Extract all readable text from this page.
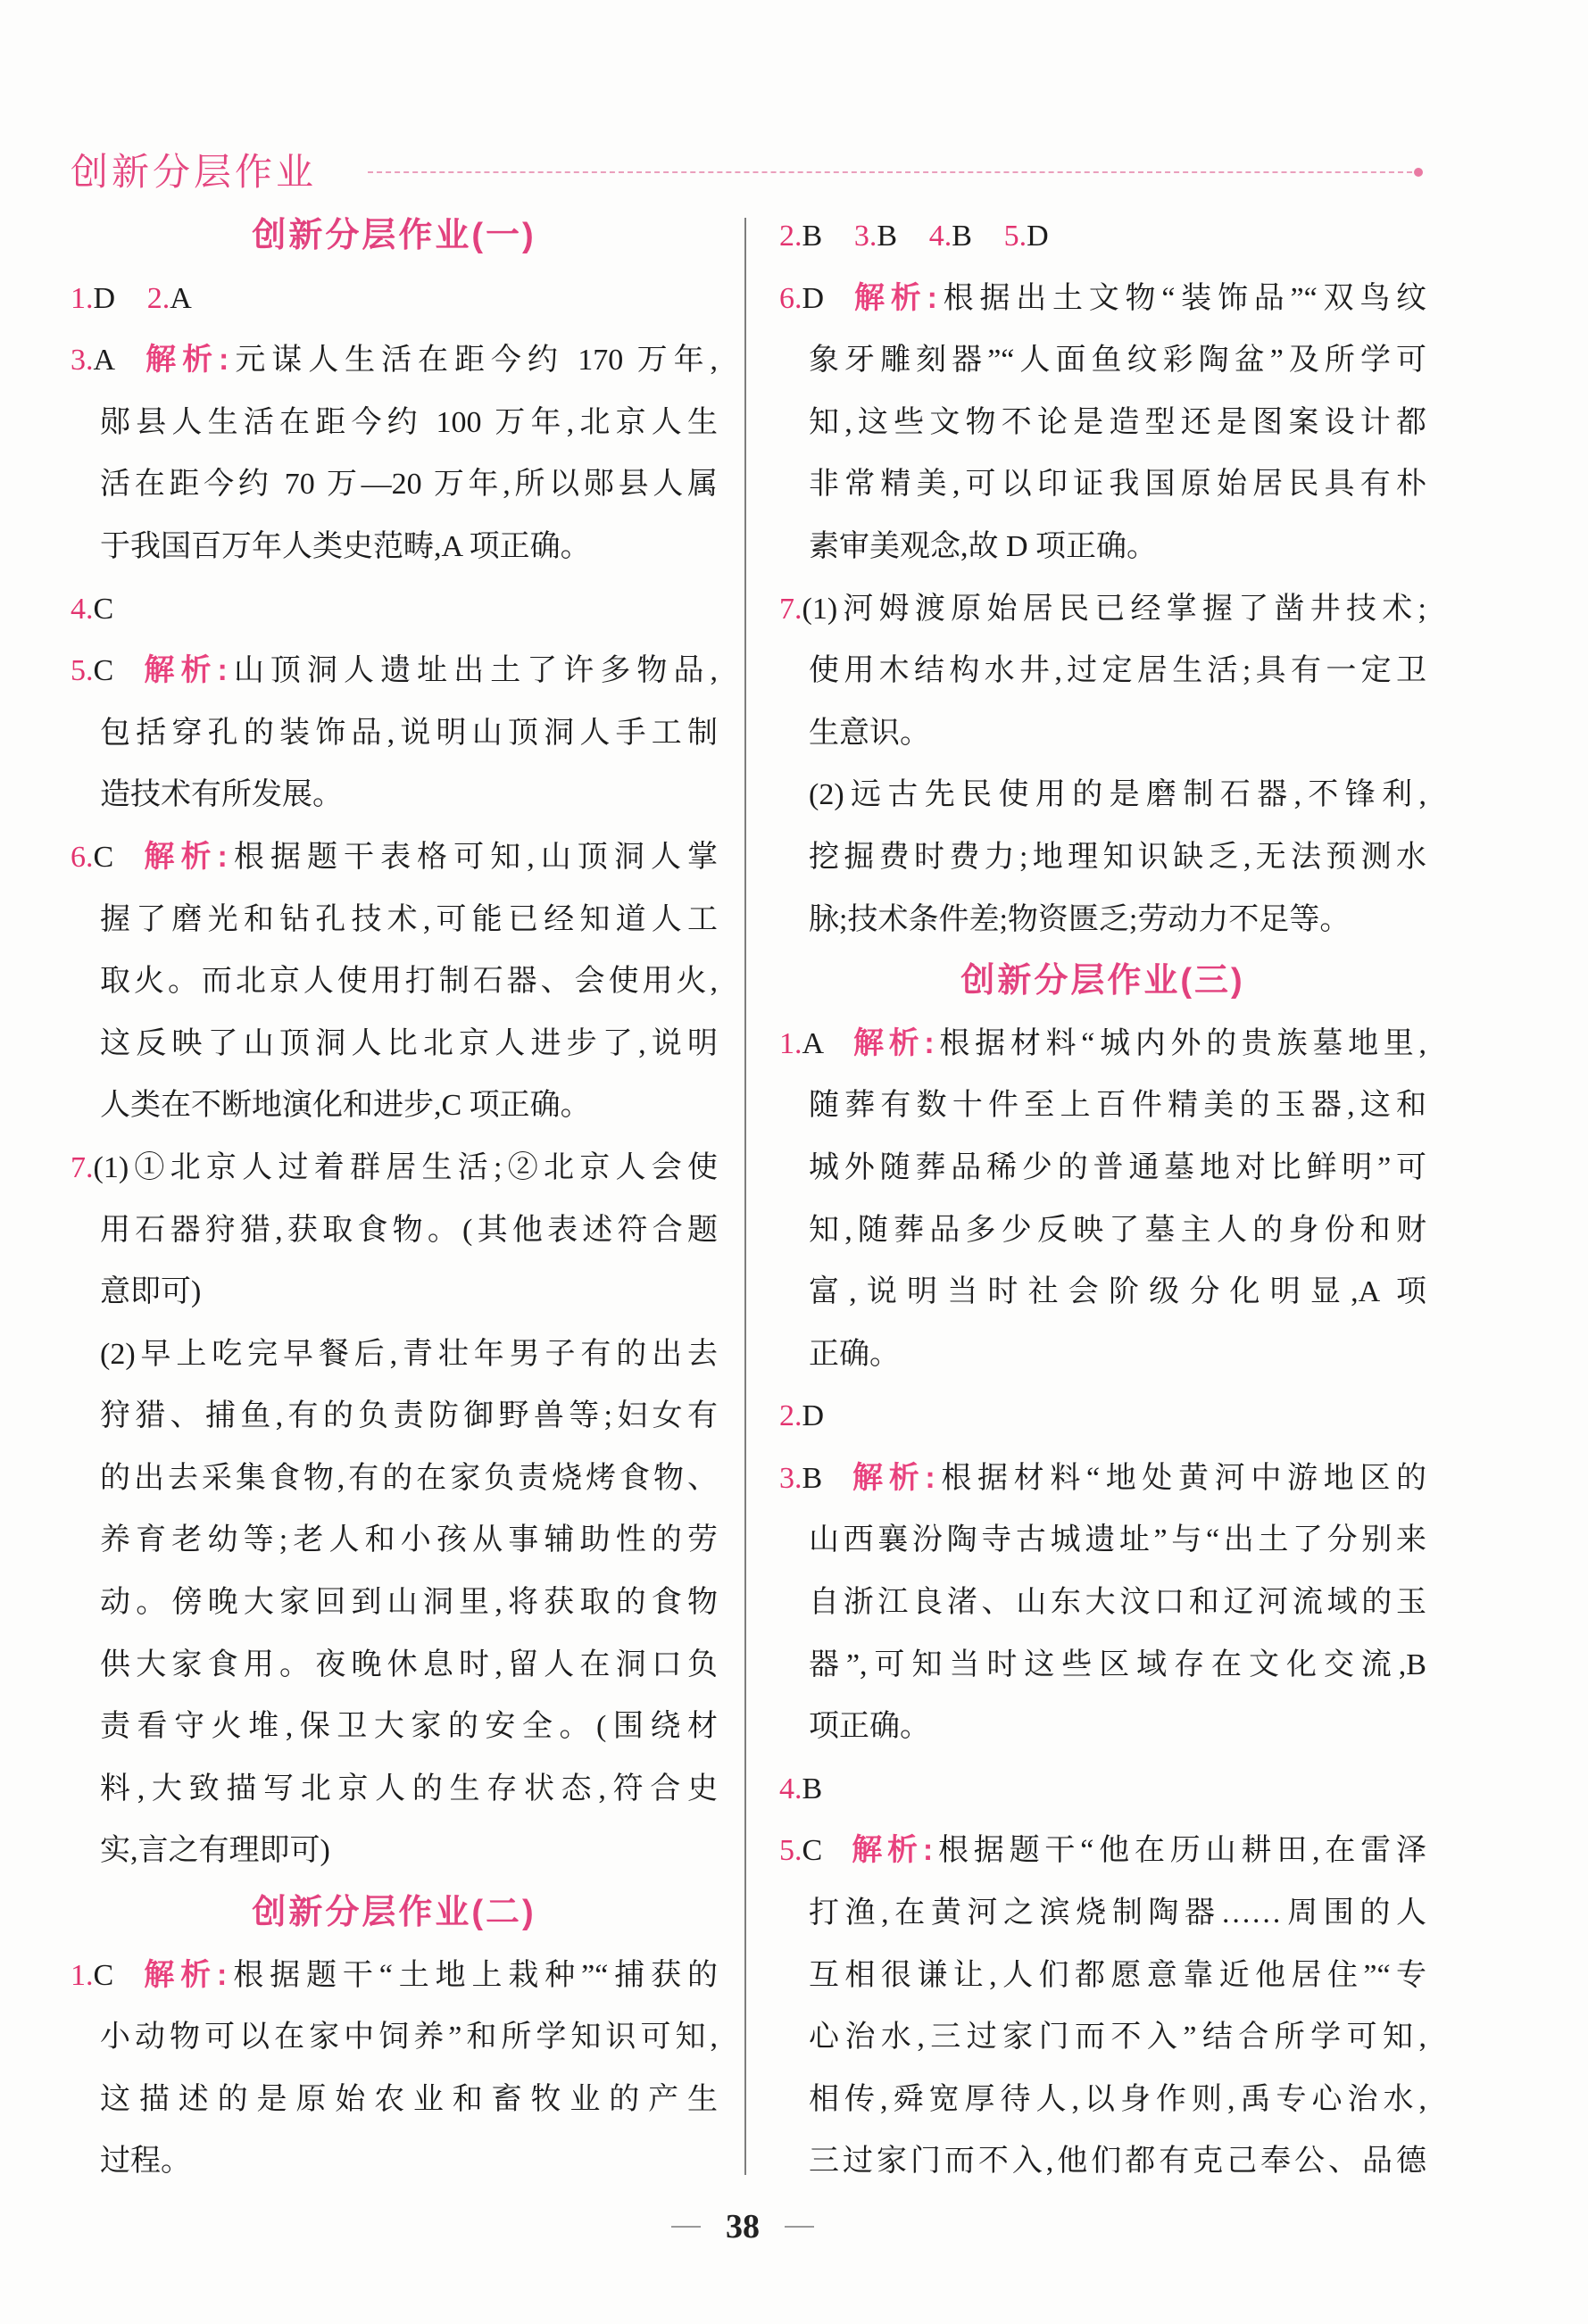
创新分层作业
创新分层作业(一)
1.D 2.A
3.A 解析:元谋人生活在距今约 170 万年,
郧县人生活在距今约 100 万年,北京人生
活在距今约 70 万—20 万年,所以郧县人属
于我国百万年人类史范畴,A 项正确。
4.C
5.C 解析:山顶洞人遗址出土了许多物品,
包括穿孔的装饰品,说明山顶洞人手工制
造技术有所发展。
6.C 解析:根据题干表格可知,山顶洞人掌
握了磨光和钻孔技术,可能已经知道人工
取火。而北京人使用打制石器、会使用火,
这反映了山顶洞人比北京人进步了,说明
人类在不断地演化和进步,C 项正确。
7.(1)①北京人过着群居生活;②北京人会使
用石器狩猎,获取食物。(其他表述符合题
意即可)
(2)早上吃完早餐后,青壮年男子有的出去
狩猎、捕鱼,有的负责防御野兽等;妇女有
的出去采集食物,有的在家负责烧烤食物、
养育老幼等;老人和小孩从事辅助性的劳
动。傍晚大家回到山洞里,将获取的食物
供大家食用。夜晚休息时,留人在洞口负
责看守火堆,保卫大家的安全。(围绕材
料,大致描写北京人的生存状态,符合史
实,言之有理即可)
创新分层作业(二)
1.C 解析:根据题干“土地上栽种”“捕获的
小动物可以在家中饲养”和所学知识可知,
这描述的是原始农业和畜牧业的产生
过程。
2.B 3.B 4.B 5.D
6.D 解析:根据出土文物“装饰品”“双鸟纹
象牙雕刻器”“人面鱼纹彩陶盆”及所学可
知,这些文物不论是造型还是图案设计都
非常精美,可以印证我国原始居民具有朴
素审美观念,故 D 项正确。
7.(1)河姆渡原始居民已经掌握了凿井技术;
使用木结构水井,过定居生活;具有一定卫
生意识。
(2)远古先民使用的是磨制石器,不锋利,
挖掘费时费力;地理知识缺乏,无法预测水
脉;技术条件差;物资匮乏;劳动力不足等。
创新分层作业(三)
1.A 解析:根据材料“城内外的贵族墓地里,
随葬有数十件至上百件精美的玉器,这和
城外随葬品稀少的普通墓地对比鲜明”可
知,随葬品多少反映了墓主人的身份和财
富,说明当时社会阶级分化明显,A 项
正确。
2.D
3.B 解析:根据材料“地处黄河中游地区的
山西襄汾陶寺古城遗址”与“出土了分别来
自浙江良渚、山东大汶口和辽河流域的玉
器”,可知当时这些区域存在文化交流,B
项正确。
4.B
5.C 解析:根据题干“他在历山耕田,在雷泽
打渔,在黄河之滨烧制陶器……周围的人
互相很谦让,人们都愿意靠近他居住”“专
心治水,三过家门而不入”结合所学可知,
相传,舜宽厚待人,以身作则,禹专心治水,
三过家门而不入,他们都有克己奉公、品德
38
